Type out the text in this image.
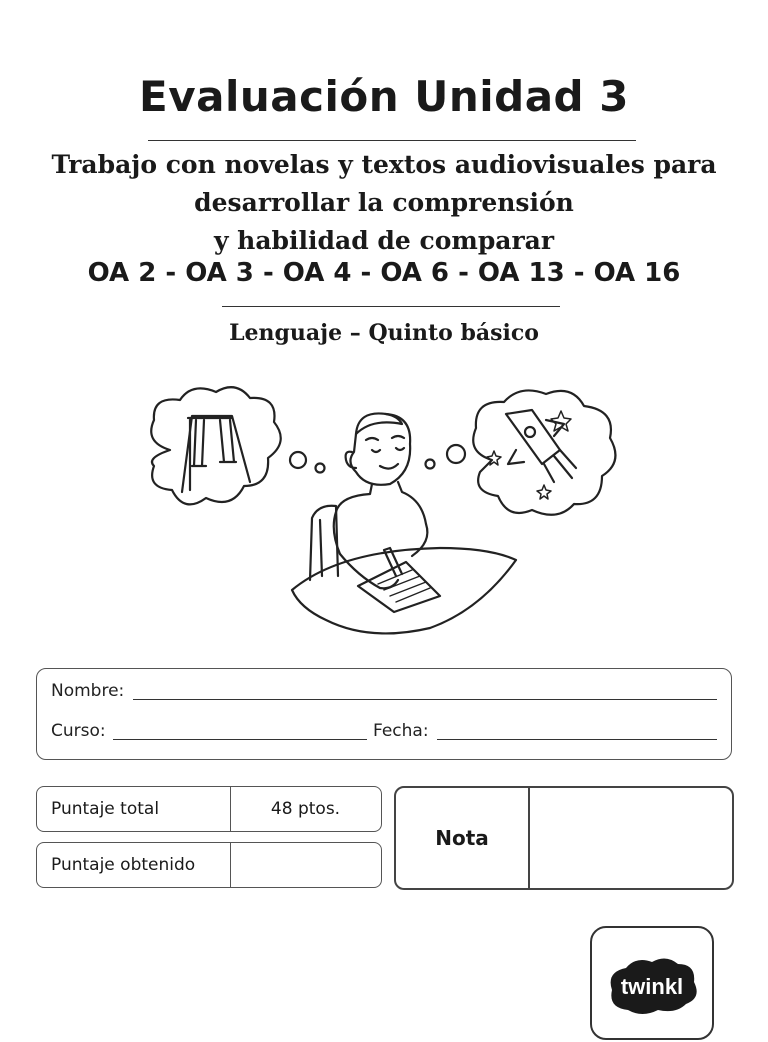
Evaluación Unidad 3
Trabajo con novelas y textos audiovisuales para
desarrollar la comprensión
y habilidad de comparar
OA 2 - OA 3 - OA 4 - OA 6 - OA 13 - OA 16
Lenguaje – Quinto básico
Nombre:
Curso:	Fecha:
Puntaje total	48 ptos.
Puntaje obtenido
Nota
twinkl
